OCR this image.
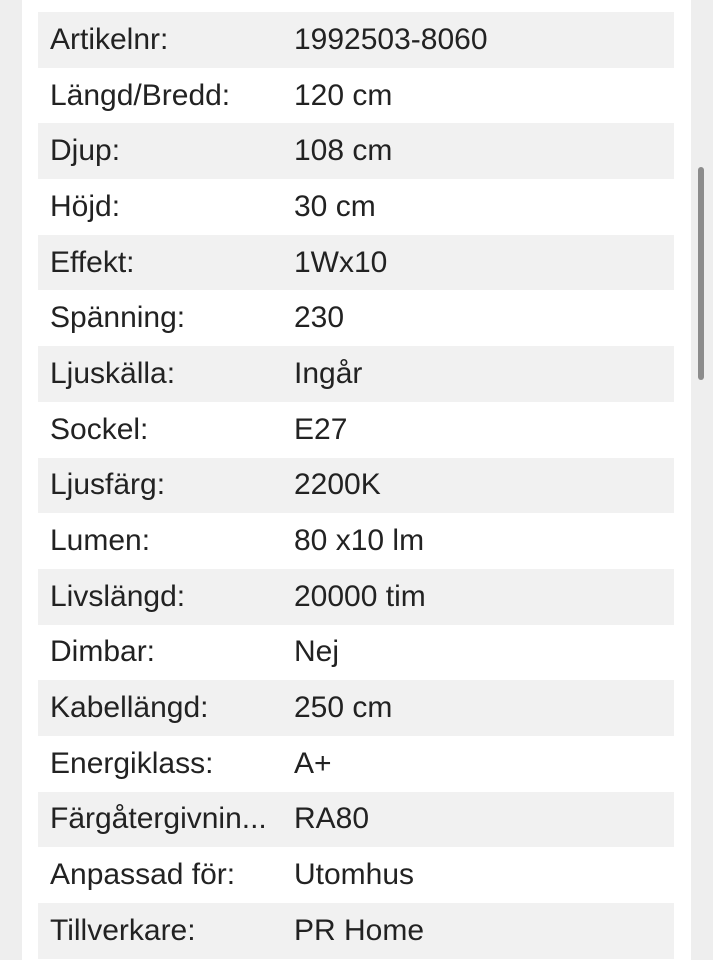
Artikelnr:	1992503-8060
Längd/Bredd:	120 cm
Djup:	108 cm
Höjd:	30 cm
Effekt:	1Wx10
Spänning:	230
Ljuskälla:	Ingår
Sockel:	E27
Ljusfärg:	2200K
Lumen:	80 x10 lm
Livslängd:	20000 tim
Dimbar:	Nej
Kabellängd:	250 cm
Energiklass:	A+
Färgåtergivnin... RA80
Anpassad för:	Utomhus
Tillverkare:	PR Home
